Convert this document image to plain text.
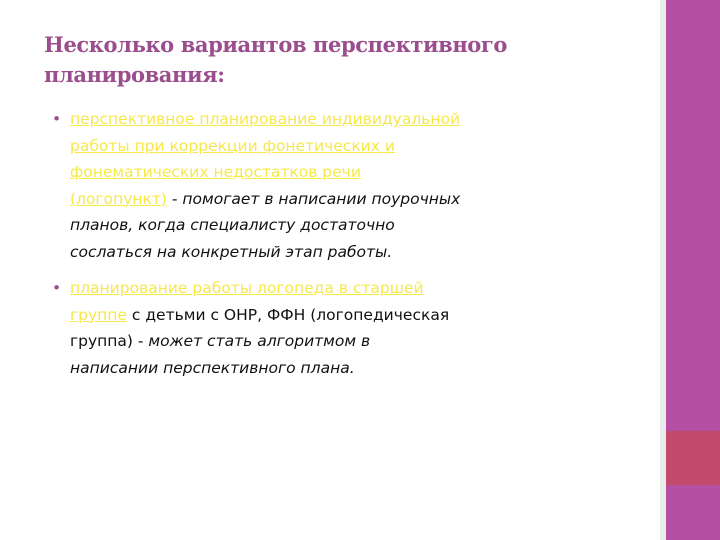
Несколько вариантов перспективного планирования:
• перспективное планирование индивидуальной работы при коррекции фонетических и фонематических недостатков речи (логопункт) - помогает в написании поурочных планов, когда специалисту достаточно сослаться на конкретный этап работы.
• планирование работы логопеда в старшей группе с детьми с ОНР, ФФН (логопедическая группа) - может стать алгоритмом в написании перспективного плана.
